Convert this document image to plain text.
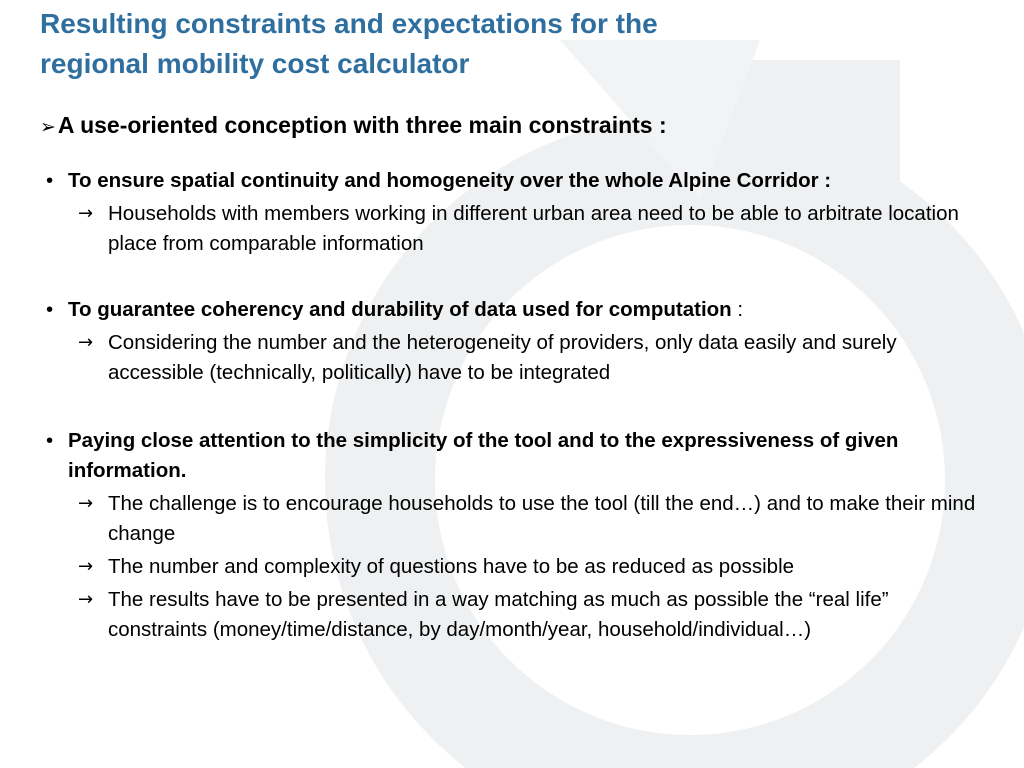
Resulting constraints and expectations for the
regional mobility cost calculator
➢A use-oriented conception with three main constraints :
• To ensure spatial continuity and homogeneity over the whole Alpine Corridor :
→ Households with members working in different urban area need to be able to arbitrate location place from comparable information
• To guarantee coherency and durability of data used for computation :
→ Considering the number and the heterogeneity of providers, only data easily and surely accessible (technically, politically) have to be integrated
• Paying close attention to the simplicity of the tool and to the expressiveness of given information.
→ The challenge is to encourage households to use the tool (till the end…) and to make their mind change
→ The number and complexity of questions have to be as reduced as possible
→ The results have to be presented in a way matching as much as possible the “real life” constraints (money/time/distance, by day/month/year, household/individual…)
